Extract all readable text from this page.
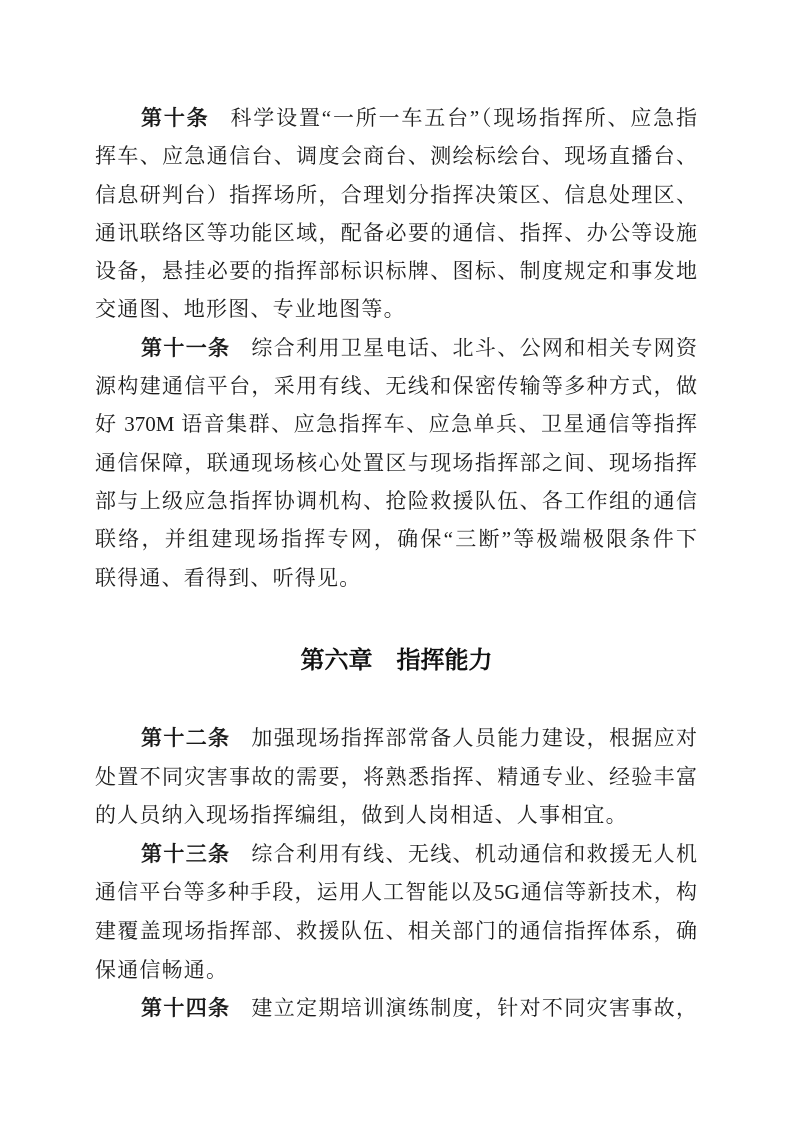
第十条 科学设置“一所一车五台”（现场指挥所、应急指
挥车、应急通信台、调度会商台、测绘标绘台、现场直播台、
信息研判台）指挥场所，合理划分指挥决策区、信息处理区、
通讯联络区等功能区域，配备必要的通信、指挥、办公等设施
设备，悬挂必要的指挥部标识标牌、图标、制度规定和事发地
交通图、地形图、专业地图等。
第十一条 综合利用卫星电话、北斗、公网和相关专网资
源构建通信平台，采用有线、无线和保密传输等多种方式，做
好 370M 语音集群、应急指挥车、应急单兵、卫星通信等指挥
通信保障，联通现场核心处置区与现场指挥部之间、现场指挥
部与上级应急指挥协调机构、抢险救援队伍、各工作组的通信
联络，并组建现场指挥专网，确保“三断”等极端极限条件下
联得通、看得到、听得见。
第六章　指挥能力
第十二条 加强现场指挥部常备人员能力建设，根据应对
处置不同灾害事故的需要，将熟悉指挥、精通专业、经验丰富
的人员纳入现场指挥编组，做到人岗相适、人事相宜。
第十三条 综合利用有线、无线、机动通信和救援无人机
通信平台等多种手段，运用人工智能以及5G通信等新技术，构
建覆盖现场指挥部、救援队伍、相关部门的通信指挥体系，确
保通信畅通。
第十四条 建立定期培训演练制度，针对不同灾害事故，
